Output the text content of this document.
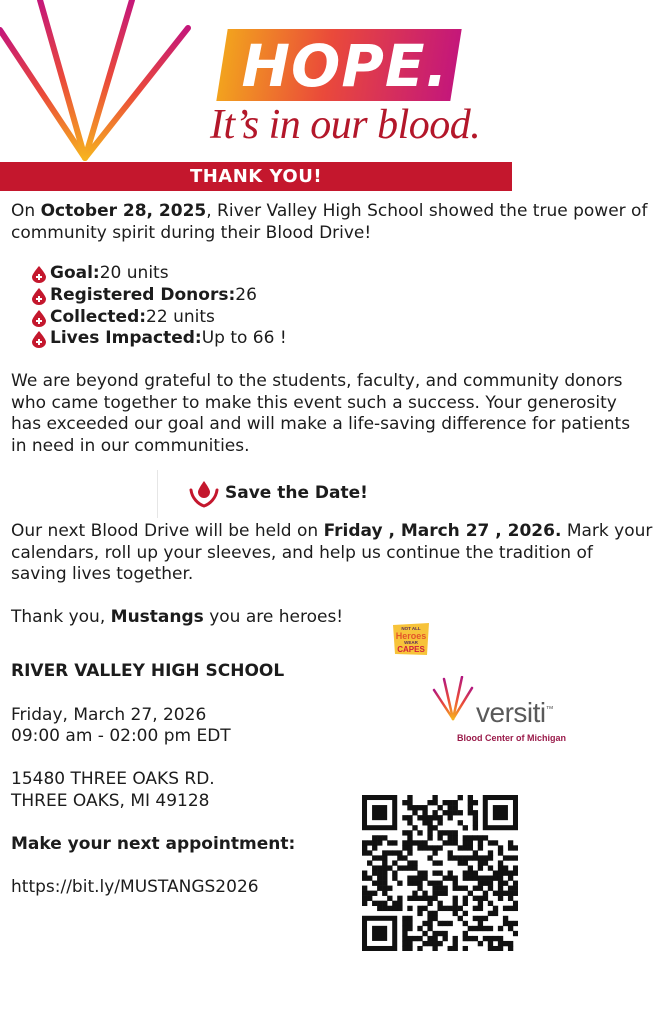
HOPE.
It’s in our blood.
THANK YOU!
On October 28, 2025, River Valley High School showed the true power of
community spirit during their Blood Drive!
Goal: 20 units
Registered Donors: 26
Collected: 22 units
Lives Impacted: Up to 66 !
We are beyond grateful to the students, faculty, and community donors
who came together to make this event such a success. Your generosity
has exceeded our goal and will make a life-saving difference for patients
in need in our communities.
Save the Date!
Our next Blood Drive will be held on Friday , March 27 , 2026. Mark your
calendars, roll up your sleeves, and help us continue the tradition of
saving lives together.
Thank you, Mustangs you are heroes!
NOT ALL
Heroes
WEAR
CAPES
RIVER VALLEY HIGH SCHOOL
Friday, March 27, 2026
09:00 am - 02:00 pm EDT
15480 THREE OAKS RD.
THREE OAKS, MI 49128
Make your next appointment:
https://bit.ly/MUSTANGS2026
versiti™
Blood Center of Michigan
